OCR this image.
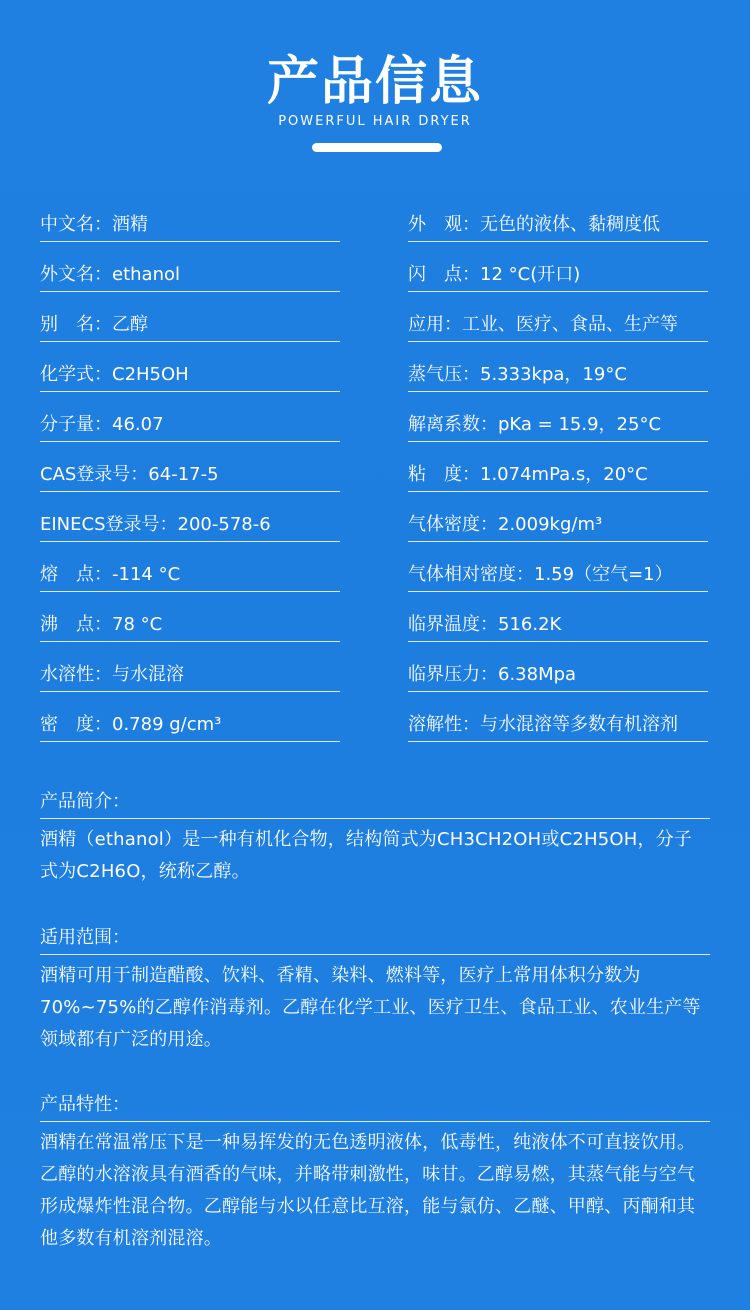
产品信息
POWERFUL HAIR DRYER
中文名：酒精
外文名：ethanol
别　名：乙醇
化学式：C2H5OH
分子量：46.07
CAS登录号：64-17-5
EINECS登录号：200-578-6
熔　点：-114 °C
沸　点：78 °C
水溶性：与水混溶
密　度：0.789 g/cm³
外　观：无色的液体、黏稠度低
闪　点：12 °C(开口)
应用：工业、医疗、食品、生产等
蒸气压：5.333kpa，19°C
解离系数：pKa = 15.9，25°C
粘　度：1.074mPa.s，20°C
气体密度：2.009kg/m³
气体相对密度：1.59（空气=1）
临界温度：516.2K
临界压力：6.38Mpa
溶解性：与水混溶等多数有机溶剂
产品简介：
酒精（ethanol）是一种有机化合物，结构简式为CH3CH2OH或C2H5OH，分子式为C2H6O，统称乙醇。
适用范围：
酒精可用于制造醋酸、饮料、香精、染料、燃料等，医疗上常用体积分数为70%~75%的乙醇作消毒剂。乙醇在化学工业、医疗卫生、食品工业、农业生产等领域都有广泛的用途。
产品特性：
酒精在常温常压下是一种易挥发的无色透明液体，低毒性，纯液体不可直接饮用。乙醇的水溶液具有酒香的气味，并略带刺激性，味甘。乙醇易燃，其蒸气能与空气形成爆炸性混合物。乙醇能与水以任意比互溶，能与氯仿、乙醚、甲醇、丙酮和其他多数有机溶剂混溶。
